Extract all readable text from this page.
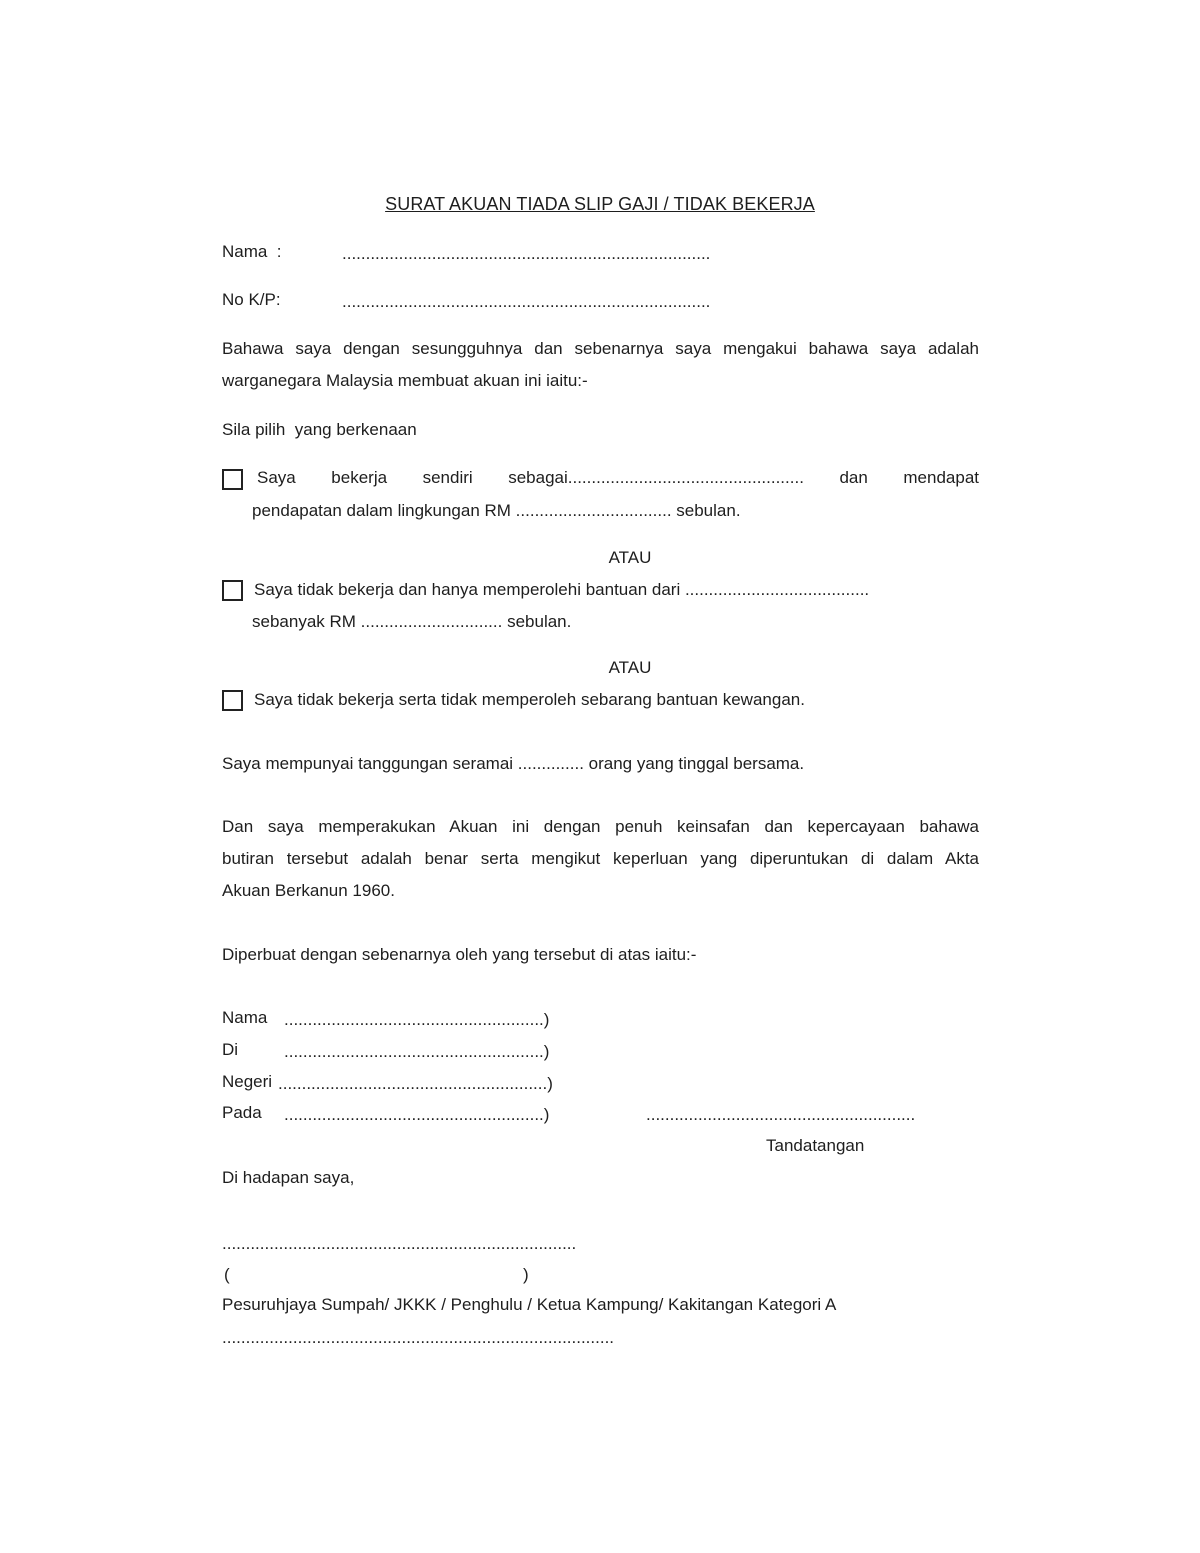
SURAT AKUAN TIADA SLIP GAJI / TIDAK BEKERJA
Nama  :	..............................................................................
No K/P:	..............................................................................
Bahawa saya dengan sesungguhnya dan sebenarnya saya mengakui bahawa saya adalah
warganegara Malaysia membuat akuan ini iaitu:-
Sila pilih  yang berkenaan
Saya bekerja sendiri sebagai.................................................. dan mendapat
pendapatan dalam lingkungan RM ................................. sebulan.
ATAU
Saya tidak bekerja dan hanya memperolehi bantuan dari .......................................
sebanyak RM .............................. sebulan.
ATAU
Saya tidak bekerja serta tidak memperoleh sebarang bantuan kewangan.
Saya mempunyai tanggungan seramai .............. orang yang tinggal bersama.
Dan saya memperakukan Akuan ini dengan penuh keinsafan dan kepercayaan bahawa
butiran tersebut adalah benar serta mengikut keperluan yang diperuntukan di dalam Akta
Akuan Berkanun 1960.
Diperbuat dengan sebenarnya oleh yang tersebut di atas iaitu:-
Nama .......................................................)
Di	.......................................................)
Negeri .........................................................)
Pada .......................................................)	.........................................................
Tandatangan
Di hadapan saya,
...........................................................................
(	)
Pesuruhjaya Sumpah/ JKKK / Penghulu / Ketua Kampung/ Kakitangan Kategori A
...................................................................................
